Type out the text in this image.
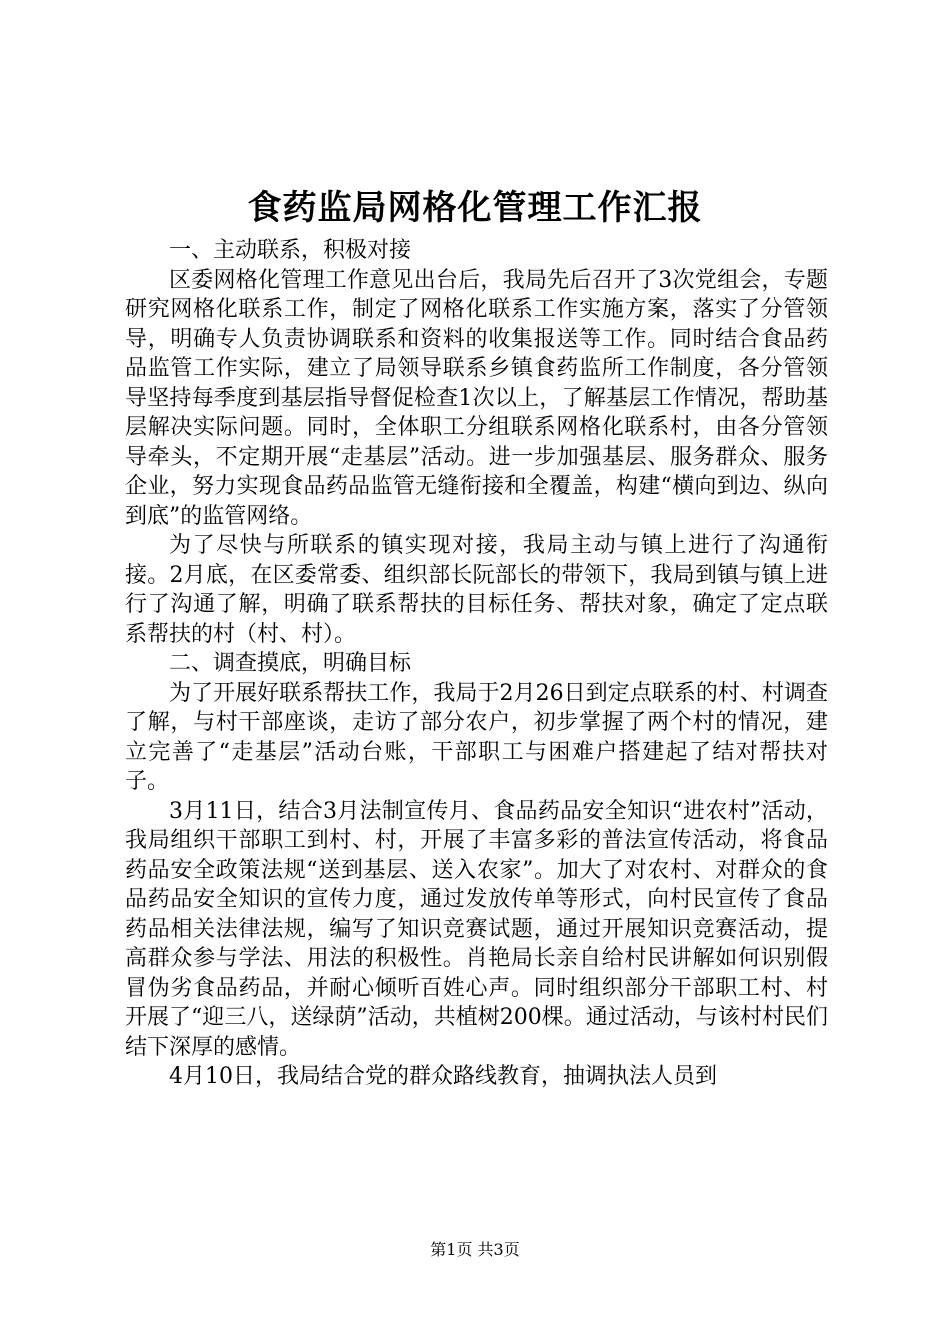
食药监局网格化管理工作汇报

一、主动联系，积极对接

区委网格化管理工作意见出台后，我局先后召开了3次党组会，专题研究网格化联系工作，制定了网格化联系工作实施方案，落实了分管领导，明确专人负责协调联系和资料的收集报送等工作。同时结合食品药品监管工作实际，建立了局领导联系乡镇食药监所工作制度，各分管领导坚持每季度到基层指导督促检查1次以上，了解基层工作情况，帮助基层解决实际问题。同时，全体职工分组联系网格化联系村，由各分管领导牵头，不定期开展“走基层”活动。进一步加强基层、服务群众、服务企业，努力实现食品药品监管无缝衔接和全覆盖，构建“横向到边、纵向到底”的监管网络。

为了尽快与所联系的镇实现对接，我局主动与镇上进行了沟通衔接。2月底，在区委常委、组织部长阮部长的带领下，我局到镇与镇上进行了沟通了解，明确了联系帮扶的目标任务、帮扶对象，确定了定点联系帮扶的村（村、村）。

二、调查摸底，明确目标

为了开展好联系帮扶工作，我局于2月26日到定点联系的村、村调查了解，与村干部座谈，走访了部分农户，初步掌握了两个村的情况，建立完善了“走基层”活动台账，干部职工与困难户搭建起了结对帮扶对子。

3月11日，结合3月法制宣传月、食品药品安全知识“进农村”活动，我局组织干部职工到村、村，开展了丰富多彩的普法宣传活动，将食品药品安全政策法规“送到基层、送入农家”。加大了对农村、对群众的食品药品安全知识的宣传力度，通过发放传单等形式，向村民宣传了食品药品相关法律法规，编写了知识竞赛试题，通过开展知识竞赛活动，提高群众参与学法、用法的积极性。肖艳局长亲自给村民讲解如何识别假冒伪劣食品药品，并耐心倾听百姓心声。同时组织部分干部职工村、村开展了“迎三八，送绿荫”活动，共植树200棵。通过活动，与该村村民们结下深厚的感情。

4月10日，我局结合党的群众路线教育，抽调执法人员到

第1页 共3页
